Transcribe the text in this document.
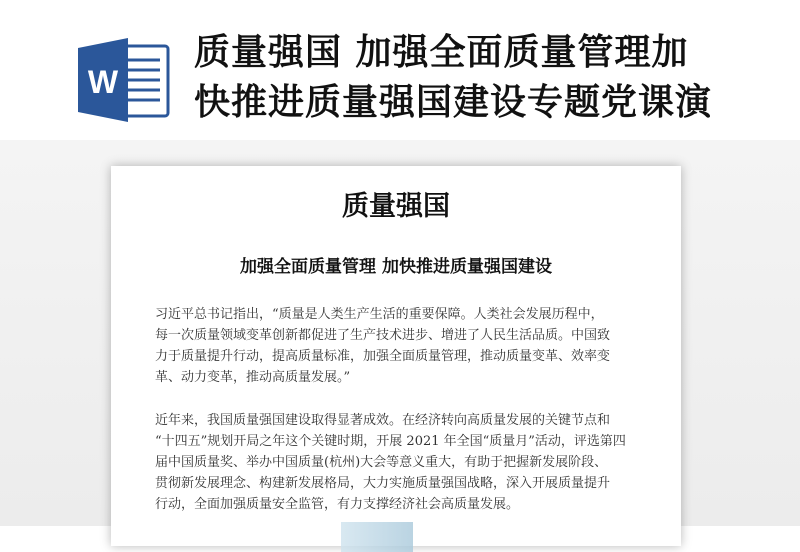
W
质量强国 加强全面质量管理加
快推进质量强国建设专题党课演
质量强国
加强全面质量管理 加快推进质量强国建设
习近平总书记指出，“质量是人类生产生活的重要保障。人类社会发展历程中，
每一次质量领域变革创新都促进了生产技术进步、增进了人民生活品质。中国致
力于质量提升行动，提高质量标准，加强全面质量管理，推动质量变革、效率变
革、动力变革，推动高质量发展。”
近年来，我国质量强国建设取得显著成效。在经济转向高质量发展的关键节点和
“十四五”规划开局之年这个关键时期，开展 2021 年全国“质量月”活动，评选第四
届中国质量奖、举办中国质量(杭州)大会等意义重大，有助于把握新发展阶段、
贯彻新发展理念、构建新发展格局，大力实施质量强国战略，深入开展质量提升
行动，全面加强质量安全监管，有力支撑经济社会高质量发展。
